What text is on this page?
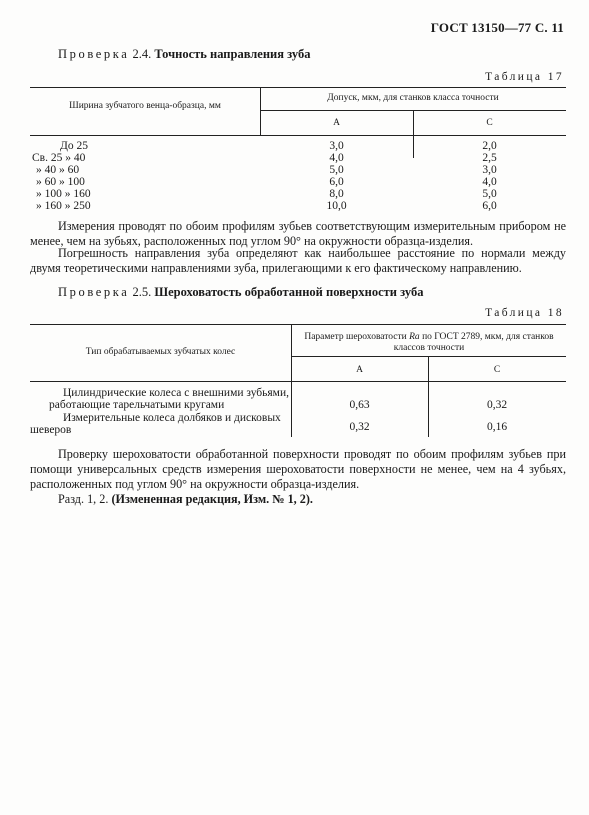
ГОСТ 13150—77 С. 11
Проверка 2.4. Точность направления зуба
Таблица 17
Ширина зубчатого венца-образца, мм
Допуск, мкм, для станков класса точности
А	С
До 25	3,0	2,0
Св. 25 » 40	4,0	2,5
» 40 » 60	5,0	3,0
» 60 » 100	6,0	4,0
» 100 » 160	8,0	5,0
» 160 » 250	10,0	6,0
Измерения проводят по обоим профилям зубьев соответствующим измерительным прибором не менее, чем на зубьях, расположенных под углом 90° на окружности образца-изделия.
Погрешность направления зуба определяют как наибольшее расстояние по нормали между двумя теоретическими направлениями зуба, прилегающими к его фактическому направлению.
Проверка 2.5. Шероховатость обработанной поверхности зуба
Таблица 18
Тип обрабатываемых зубчатых колес
Параметр шероховатости Ra по ГОСТ 2789, мкм, для станков классов точности
А	С
Цилиндрические колеса с внешними зубьями,
работающие тарельчатыми кругами	0,63	0,32
Измерительные колеса долбяков и дисковых шеверов	0,32	0,16
Проверку шероховатости обработанной поверхности проводят по обоим профилям зубьев при помощи универсальных средств измерения шероховатости поверхности не менее, чем на 4 зубьях, расположенных под углом 90° на окружности образца-изделия.
Разд. 1, 2. (Измененная редакция, Изм. № 1, 2).
